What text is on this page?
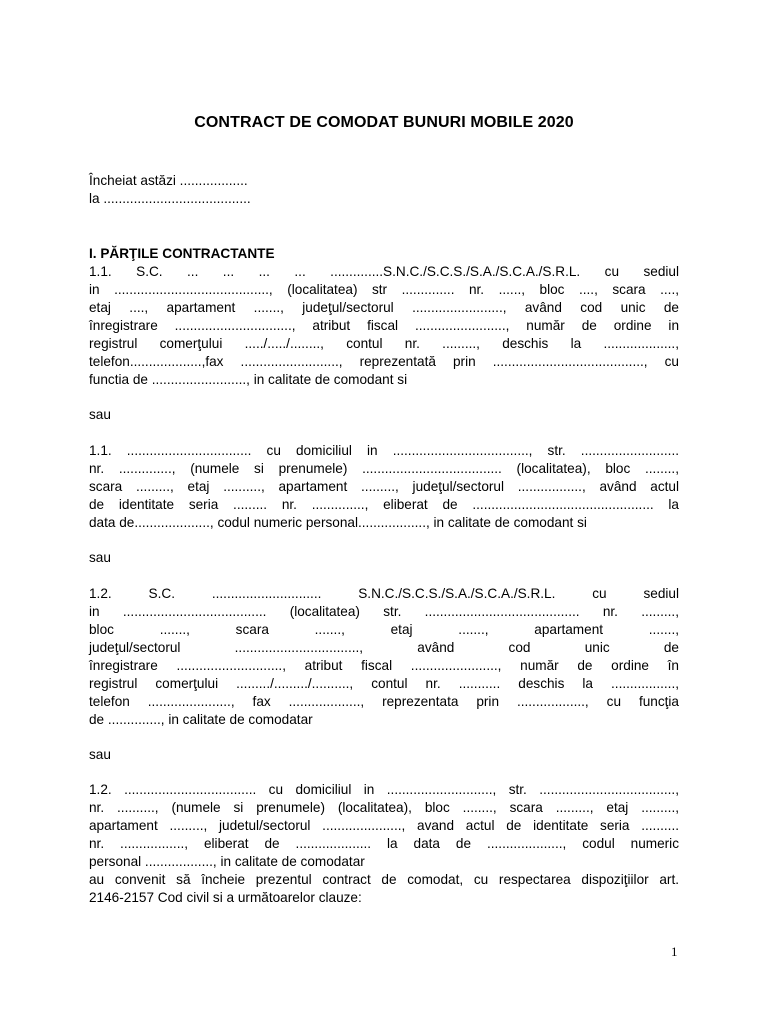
CONTRACT DE COMODAT BUNURI MOBILE 2020
Încheiat astăzi ..................
la .......................................
I. PĂRŢILE CONTRACTANTE
1.1. S.C. ... ... ... ... ..............S.N.C./S.C.S./S.A./S.C.A./S.R.L. cu sediul
in ........................................., (localitatea) str .............. nr. ......, bloc ...., scara ....,
etaj ...., apartament ......., judeţul/sectorul ........................, având cod unic de
înregistrare ..............................., atribut fiscal ........................, număr de ordine in
registrul comerţului ...../...../........, contul nr. ........., deschis la ...................,
telefon...................,fax .........................., reprezentată prin ........................................, cu
functia de ........................., in calitate de comodant si
sau
1.1. ................................. cu domiciliul in ...................................., str. ..........................
nr. .............., (numele si prenumele) ..................................... (localitatea), bloc ........,
scara ........., etaj .........., apartament ........., judeţul/sectorul ................., având actul
de identitate seria ......... nr. .............., eliberat de ................................................ la
data de...................., codul numeric personal.................., in calitate de comodant si
sau
1.2. S.C. ............................. S.N.C./S.C.S./S.A./S.C.A./S.R.L. cu sediul
in ...................................... (localitatea) str. ......................................... nr. .........,
bloc ......., scara ......., etaj ......., apartament .......,
judeţul/sectorul ................................., având cod unic de
înregistrare ............................, atribut fiscal ......................., număr de ordine în
registrul comerţului ........./........./.........., contul nr. ........... deschis la .................,
telefon ......................, fax ..................., reprezentata prin .................., cu funcţia
de .............., in calitate de comodatar
sau
1.2. ................................... cu domiciliul in ............................, str. ....................................,
nr. .........., (numele si prenumele) (localitatea), bloc ........, scara ........., etaj .........,
apartament ........., judetul/sectorul ....................., avand actul de identitate seria ..........
nr. ................., eliberat de .................... la data de ...................., codul numeric
personal .................., in calitate de comodatar
au convenit să încheie prezentul contract de comodat, cu respectarea dispoziţiilor art.
2146-2157 Cod civil si a următoarelor clauze:
1
